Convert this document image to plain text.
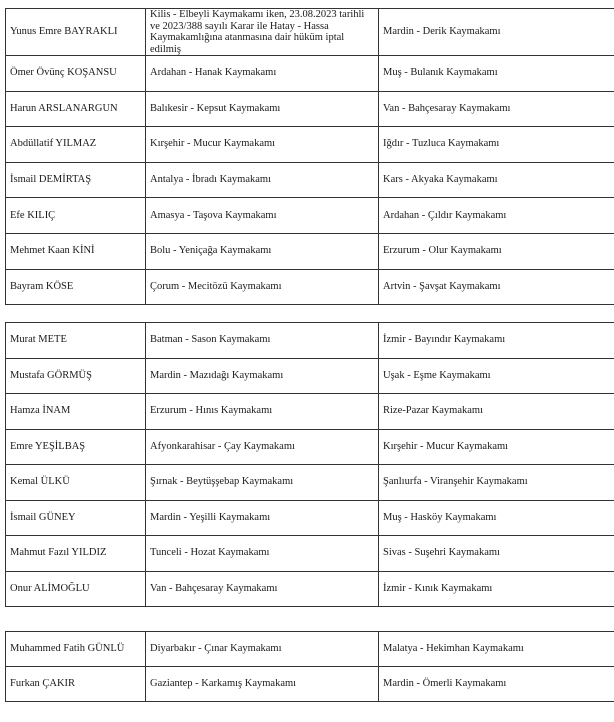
Yunus Emre BAYRAKLI	Kilis - Elbeyli Kaymakamı iken, 23.08.2023 tarihli ve 2023/388 sayılı Karar ile Hatay - Hassa Kaymakamlığına atanmasına dair hüküm iptal edilmiş	Mardin - Derik Kaymakamı
Ömer Övünç KOŞANSU	Ardahan - Hanak Kaymakamı	Muş - Bulanık Kaymakamı
Harun ARSLANARGUN	Balıkesir - Kepsut Kaymakamı	Van - Bahçesaray Kaymakamı
Abdüllatif YILMAZ	Kırşehir - Mucur Kaymakamı	Iğdır - Tuzluca Kaymakamı
İsmail DEMİRTAŞ	Antalya - İbradı Kaymakamı	Kars - Akyaka Kaymakamı
Efe KILIÇ	Amasya - Taşova Kaymakamı	Ardahan - Çıldır Kaymakamı
Mehmet Kaan KİNİ	Bolu - Yeniçağa Kaymakamı	Erzurum - Olur Kaymakamı
Bayram KÖSE	Çorum - Mecitözü Kaymakamı	Artvin - Şavşat Kaymakamı
Murat METE	Batman - Sason Kaymakamı	İzmir - Bayındır Kaymakamı
Mustafa GÖRMÜŞ	Mardin - Mazıdağı Kaymakamı	Uşak - Eşme Kaymakamı
Hamza İNAM	Erzurum - Hınıs Kaymakamı	Rize-Pazar Kaymakamı
Emre YEŞİLBAŞ	Afyonkarahisar - Çay Kaymakamı	Kırşehir - Mucur Kaymakamı
Kemal ÜLKÜ	Şırnak - Beytüşşebap Kaymakamı	Şanlıurfa - Viranşehir Kaymakamı
İsmail GÜNEY	Mardin - Yeşilli Kaymakamı	Muş - Hasköy Kaymakamı
Mahmut Fazıl YILDIZ	Tunceli - Hozat Kaymakamı	Sivas - Suşehri Kaymakamı
Onur ALİMOĞLU	Van - Bahçesaray Kaymakamı	İzmir - Kınık Kaymakamı
Muhammed Fatih GÜNLÜ	Diyarbakır - Çınar Kaymakamı	Malatya - Hekimhan Kaymakamı
Furkan ÇAKIR	Gaziantep - Karkamış Kaymakamı	Mardin - Ömerli Kaymakamı
